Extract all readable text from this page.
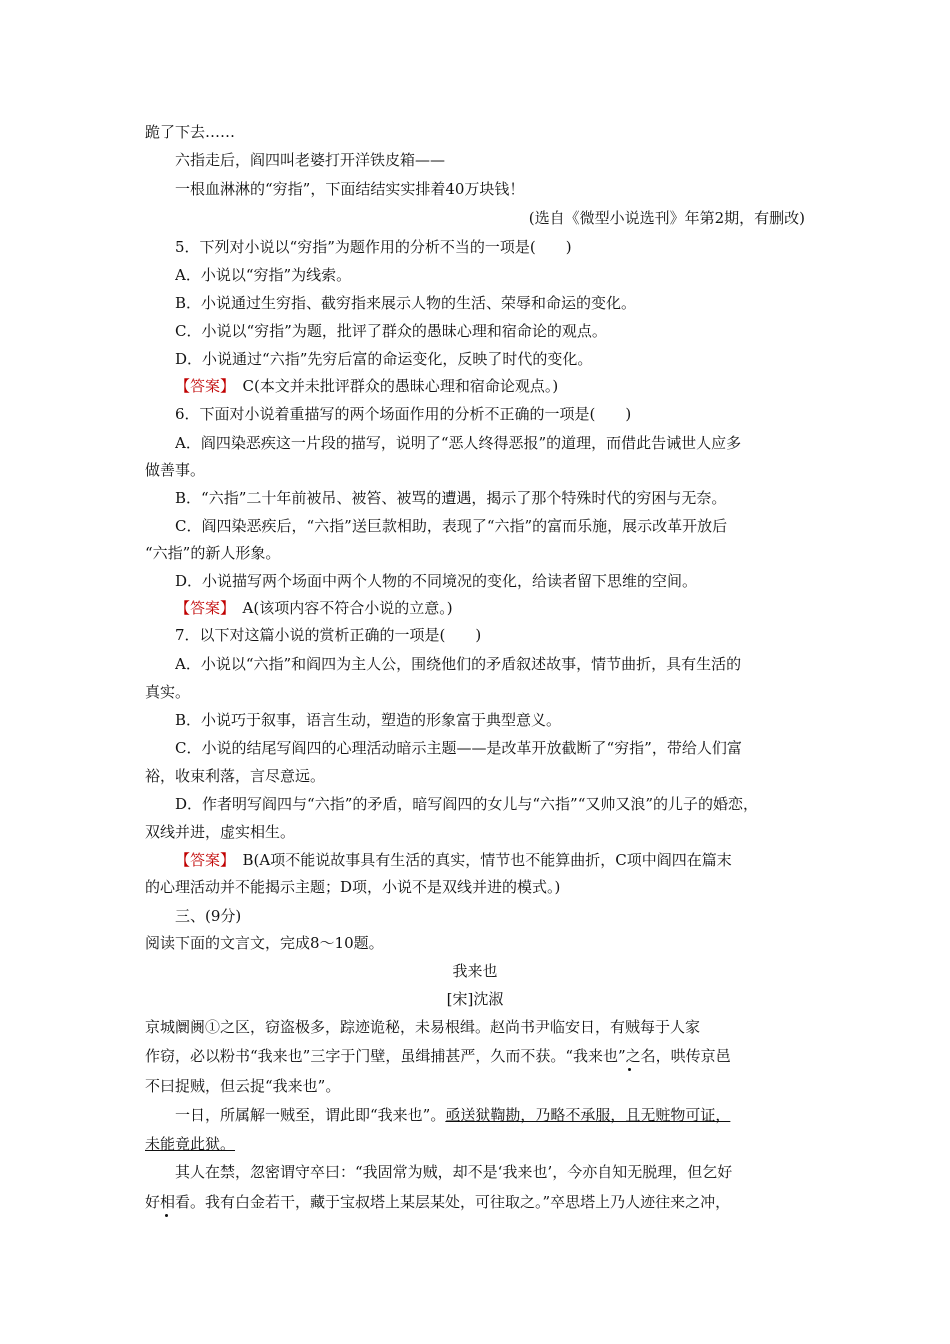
跪了下去……
六指走后，阎四叫老婆打开洋铁皮箱——
一根血淋淋的“穷指”，下面结结实实排着40万块钱！
(选自《微型小说选刊》年第2期，有删改)
5．下列对小说以“穷指”为题作用的分析不当的一项是(　　)
A．小说以“穷指”为线索。
B．小说通过生穷指、截穷指来展示人物的生活、荣辱和命运的变化。
C．小说以“穷指”为题，批评了群众的愚昧心理和宿命论的观点。
D．小说通过“六指”先穷后富的命运变化，反映了时代的变化。
【答案】　 C(本文并未批评群众的愚昧心理和宿命论观点。)
6．下面对小说着重描写的两个场面作用的分析不正确的一项是(　　)
A．阎四染恶疾这一片段的描写，说明了“恶人终得恶报”的道理，而借此告诫世人应多
做善事。
B．“六指”二十年前被吊、被笞、被骂的遭遇，揭示了那个特殊时代的穷困与无奈。
C．阎四染恶疾后，“六指”送巨款相助，表现了“六指”的富而乐施，展示改革开放后
“六指”的新人形象。
D．小说描写两个场面中两个人物的不同境况的变化，给读者留下思维的空间。
【答案】　 A(该项内容不符合小说的立意。)
7．以下对这篇小说的赏析正确的一项是(　　)
A．小说以“六指”和阎四为主人公，围绕他们的矛盾叙述故事，情节曲折，具有生活的
真实。
B．小说巧于叙事，语言生动，塑造的形象富于典型意义。
C．小说的结尾写阎四的心理活动暗示主题——是改革开放截断了“穷指”，带给人们富
裕，收束利落，言尽意远。
D．作者明写阎四与“六指”的矛盾，暗写阎四的女儿与“六指”“又帅又浪”的儿子的婚恋，
双线并进，虚实相生。
【答案】　 B(A项不能说故事具有生活的真实，情节也不能算曲折，C项中阎四在篇末
的心理活动并不能揭示主题；D项，小说不是双线并进的模式。)
三、(9分)
阅读下面的文言文，完成8～10题。
我来也
[宋]沈淑
京城阛阓①之区，窃盗极多，踪迹诡秘，未易根缉。赵尚书尹临安日，有贼每于人家
作窃，必以粉书“我来也”三字于门壁，虽缉捕甚严，久而不获。“我来也”之名，哄传京邑
不曰捉贼，但云捉“我来也”。
一日，所属解一贼至，谓此即“我来也”。亟送狱鞫勘，乃略不承服，且无赃物可证，
未能竟此狱。
其人在禁，忽密谓守卒曰：“我固常为贼，却不是‘我来也’，今亦自知无脱理，但乞好
好相看。我有白金若干，藏于宝叔塔上某层某处，可往取之。”卒思塔上乃人迹往来之冲，
